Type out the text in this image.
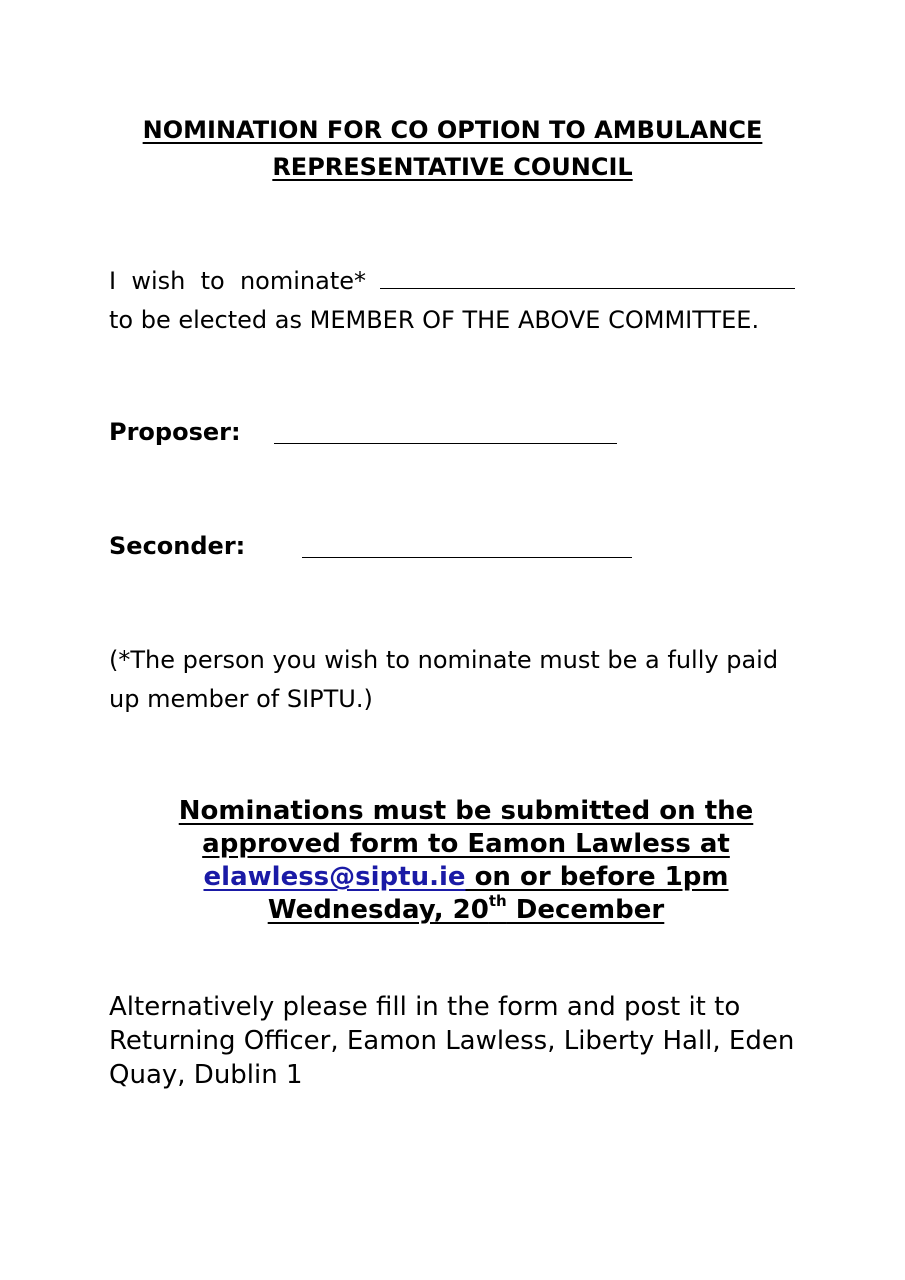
NOMINATION FOR CO OPTION TO AMBULANCE
REPRESENTATIVE COUNCIL
I  wish  to  nominate*
to be elected as MEMBER OF THE ABOVE COMMITTEE.
Proposer:
Seconder:
(*The person you wish to nominate must be a fully paid
up member of SIPTU.)
Nominations must be submitted on the
approved form to Eamon Lawless at
elawless@siptu.ie on or before 1pm
Wednesday, 20th December
Alternatively please fill in the form and post it to
Returning Officer, Eamon Lawless, Liberty Hall, Eden
Quay, Dublin 1
